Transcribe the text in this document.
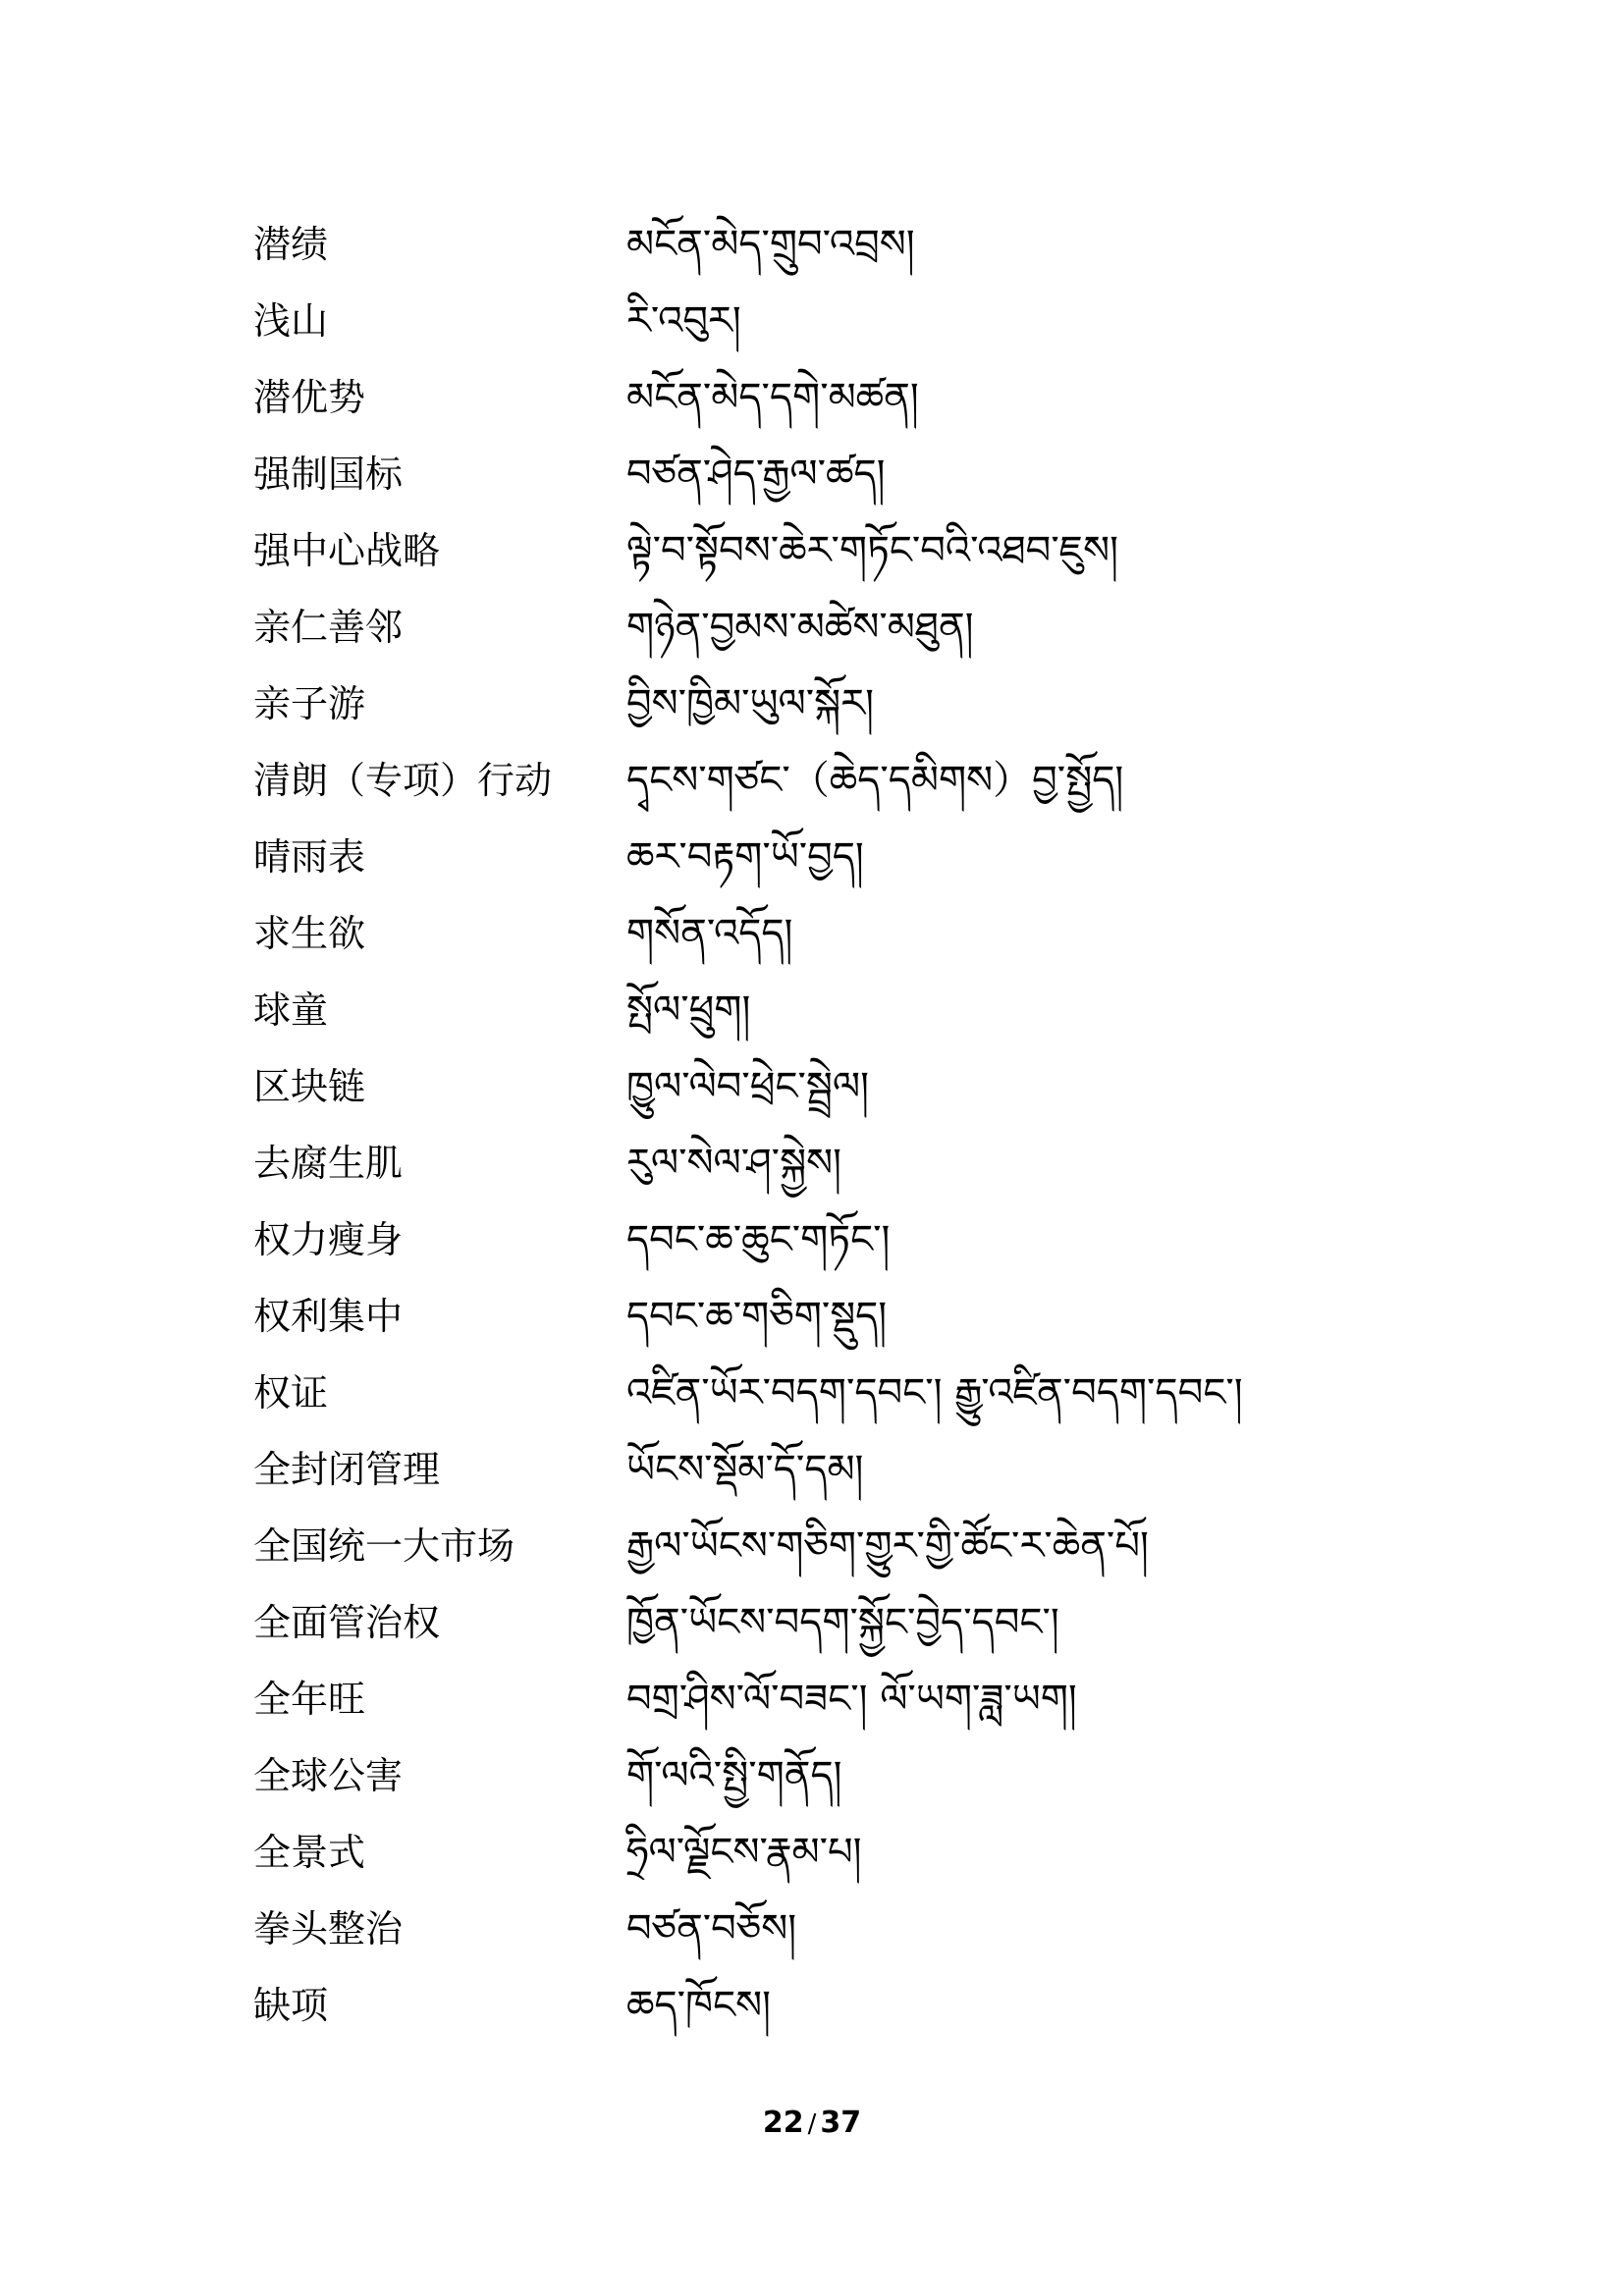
潜绩	མངོན་མེད་གྲུབ་འབྲས།
浅山	རི་འབུར།
潜优势	མངོན་མེད་དགེ་མཚན།
强制国标	བཙན་ཤེད་རྒྱལ་ཚད།
强中心战略	ལྟེ་བ་སྟོབས་ཆེར་གཏོང་བའི་འཐབ་ཇུས།
亲仁善邻	གཉེན་བྱམས་མཚེས་མཐུན།
亲子游	བྱིས་ཁྱིམ་ཡུལ་སྐོར།
清朗（专项）行动	དྭངས་གཙང་（ཆེད་དམིགས）བྱ་སྤྱོད།
晴雨表	ཆར་བརྟག་ཡོ་བྱད།
求生欲	གསོན་འདོད།
球童	སྤོལ་ཕྲུག།
区块链	ཁྱུལ་ལེབ་ཕྲེང་སྦྲེལ།
去腐生肌	རུལ་སེལ་ཤ་སྐྱེས།
权力瘦身	དབང་ཆ་ཆུང་གཏོང་།
权利集中	དབང་ཆ་གཅིག་སྡུད།
权证	འཛིན་ཡོར་བདག་དབང་། རྒྱུ་འཛིན་བདག་དབང་།
全封闭管理	ཡོངས་སྡོམ་དོ་དམ།
全国统一大市场	རྒྱལ་ཡོངས་གཅིག་གྱུར་གྱི་ཚོང་ར་ཆེན་པོ།
全面管治权	ཁྱོན་ཡོངས་བདག་སྐྱོང་བྱེད་དབང་།
全年旺	བགྲ་ཤིས་ལོ་བཟང་། ལོ་ཡག་ཟླ་ཡག།
全球公害	གོ་ལའི་སྤྱི་གནོད།
全景式	ཧྲིལ་ལྗོངས་རྣམ་པ།
拳头整治	བཙན་བཅོས།
缺项	ཆད་ཁོངས།
22 / 37
